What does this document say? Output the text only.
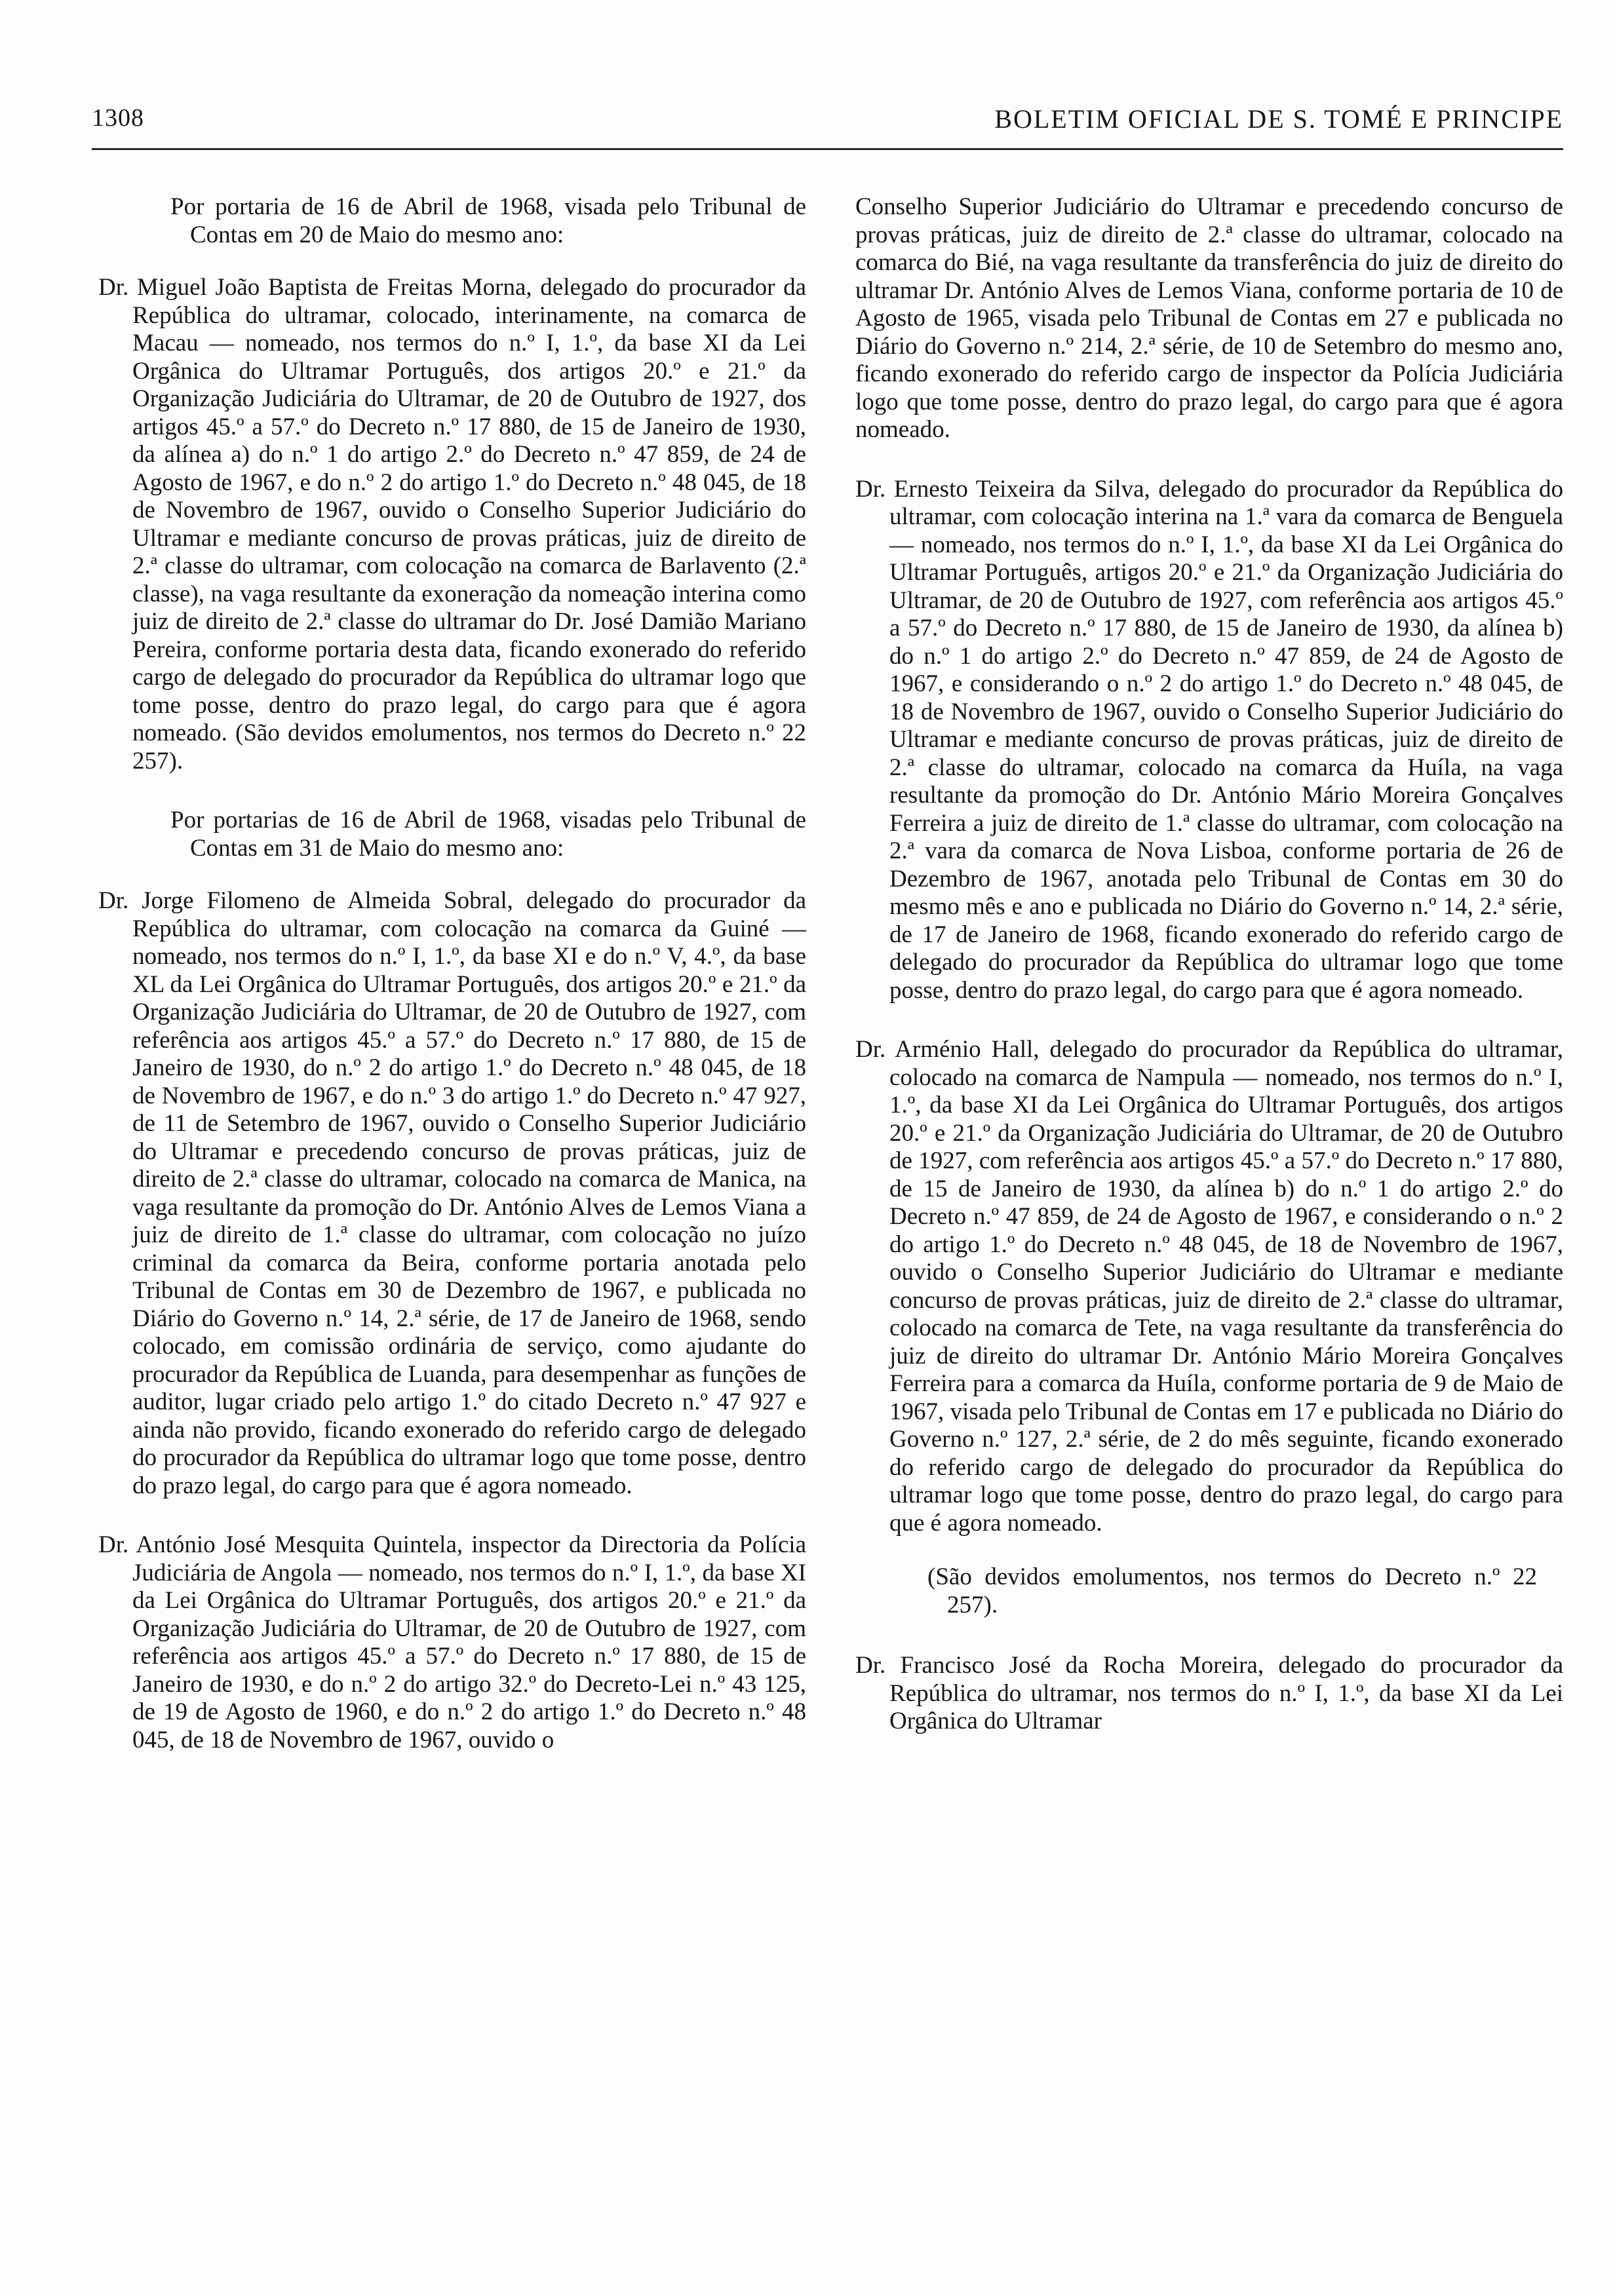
1308	BOLETIM OFICIAL DE S. TOMÉ E PRINCIPE

Por portaria de 16 de Abril de 1968, visada pelo Tribunal de Contas em 20 de Maio do mesmo ano:

Dr. Miguel João Baptista de Freitas Morna, delegado do procurador da República do ultramar, colocado, interinamente, na comarca de Macau — nomeado, nos termos do n.º I, 1.º, da base XI da Lei Orgânica do Ultramar Português, dos artigos 20.º e 21.º da Organização Judiciária do Ultramar, de 20 de Outubro de 1927, dos artigos 45.º a 57.º do Decreto n.º 17 880, de 15 de Janeiro de 1930, da alínea a) do n.º 1 do artigo 2.º do Decreto n.º 47 859, de 24 de Agosto de 1967, e do n.º 2 do artigo 1.º do Decreto n.º 48 045, de 18 de Novembro de 1967, ouvido o Conselho Superior Judiciário do Ultramar e mediante concurso de provas práticas, juiz de direito de 2.ª classe do ultramar, com colocação na comarca de Barlavento (2.ª classe), na vaga resultante da exoneração da nomeação interina como juiz de direito de 2.ª classe do ultramar do Dr. José Damião Mariano Pereira, conforme portaria desta data, ficando exonerado do referido cargo de delegado do procurador da República do ultramar logo que tome posse, dentro do prazo legal, do cargo para que é agora nomeado. (São devidos emolumentos, nos termos do Decreto n.º 22 257).

Por portarias de 16 de Abril de 1968, visadas pelo Tribunal de Contas em 31 de Maio do mesmo ano:

Dr. Jorge Filomeno de Almeida Sobral, delegado do procurador da República do ultramar, com colocação na comarca da Guiné — nomeado, nos termos do n.º I, 1.º, da base XI e do n.º V, 4.º, da base XL da Lei Orgânica do Ultramar Português, dos artigos 20.º e 21.º da Organização Judiciária do Ultramar, de 20 de Outubro de 1927, com referência aos artigos 45.º a 57.º do Decreto n.º 17 880, de 15 de Janeiro de 1930, do n.º 2 do artigo 1.º do Decreto n.º 48 045, de 18 de Novembro de 1967, e do n.º 3 do artigo 1.º do Decreto n.º 47 927, de 11 de Setembro de 1967, ouvido o Conselho Superior Judiciário do Ultramar e precedendo concurso de provas práticas, juiz de direito de 2.ª classe do ultramar, colocado na comarca de Manica, na vaga resultante da promoção do Dr. António Alves de Lemos Viana a juiz de direito de 1.ª classe do ultramar, com colocação no juízo criminal da comarca da Beira, conforme portaria anotada pelo Tribunal de Contas em 30 de Dezembro de 1967, e publicada no Diário do Governo n.º 14, 2.ª série, de 17 de Janeiro de 1968, sendo colocado, em comissão ordinária de serviço, como ajudante do procurador da República de Luanda, para desempenhar as funções de auditor, lugar criado pelo artigo 1.º do citado Decreto n.º 47 927 e ainda não provido, ficando exonerado do referido cargo de delegado do procurador da República do ultramar logo que tome posse, dentro do prazo legal, do cargo para que é agora nomeado.

Dr. António José Mesquita Quintela, inspector da Directoria da Polícia Judiciária de Angola — nomeado, nos termos do n.º I, 1.º, da base XI da Lei Orgânica do Ultramar Português, dos artigos 20.º e 21.º da Organização Judiciária do Ultramar, de 20 de Outubro de 1927, com referência aos artigos 45.º a 57.º do Decreto n.º 17 880, de 15 de Janeiro de 1930, e do n.º 2 do artigo 32.º do Decreto-Lei n.º 43 125, de 19 de Agosto de 1960, e do n.º 2 do artigo 1.º do Decreto n.º 48 045, de 18 de Novembro de 1967, ouvido o

Conselho Superior Judiciário do Ultramar e precedendo concurso de provas práticas, juiz de direito de 2.ª classe do ultramar, colocado na comarca do Bié, na vaga resultante da transferência do juiz de direito do ultramar Dr. António Alves de Lemos Viana, conforme portaria de 10 de Agosto de 1965, visada pelo Tribunal de Contas em 27 e publicada no Diário do Governo n.º 214, 2.ª série, de 10 de Setembro do mesmo ano, ficando exonerado do referido cargo de inspector da Polícia Judiciária logo que tome posse, dentro do prazo legal, do cargo para que é agora nomeado.

Dr. Ernesto Teixeira da Silva, delegado do procurador da República do ultramar, com colocação interina na 1.ª vara da comarca de Benguela — nomeado, nos termos do n.º I, 1.º, da base XI da Lei Orgânica do Ultramar Português, artigos 20.º e 21.º da Organização Judiciária do Ultramar, de 20 de Outubro de 1927, com referência aos artigos 45.º a 57.º do Decreto n.º 17 880, de 15 de Janeiro de 1930, da alínea b) do n.º 1 do artigo 2.º do Decreto n.º 47 859, de 24 de Agosto de 1967, e considerando o n.º 2 do artigo 1.º do Decreto n.º 48 045, de 18 de Novembro de 1967, ouvido o Conselho Superior Judiciário do Ultramar e mediante concurso de provas práticas, juiz de direito de 2.ª classe do ultramar, colocado na comarca da Huíla, na vaga resultante da promoção do Dr. António Mário Moreira Gonçalves Ferreira a juiz de direito de 1.ª classe do ultramar, com colocação na 2.ª vara da comarca de Nova Lisboa, conforme portaria de 26 de Dezembro de 1967, anotada pelo Tribunal de Contas em 30 do mesmo mês e ano e publicada no Diário do Governo n.º 14, 2.ª série, de 17 de Janeiro de 1968, ficando exonerado do referido cargo de delegado do procurador da República do ultramar logo que tome posse, dentro do prazo legal, do cargo para que é agora nomeado.

Dr. Arménio Hall, delegado do procurador da República do ultramar, colocado na comarca de Nampula — nomeado, nos termos do n.º I, 1.º, da base XI da Lei Orgânica do Ultramar Português, dos artigos 20.º e 21.º da Organização Judiciária do Ultramar, de 20 de Outubro de 1927, com referência aos artigos 45.º a 57.º do Decreto n.º 17 880, de 15 de Janeiro de 1930, da alínea b) do n.º 1 do artigo 2.º do Decreto n.º 47 859, de 24 de Agosto de 1967, e considerando o n.º 2 do artigo 1.º do Decreto n.º 48 045, de 18 de Novembro de 1967, ouvido o Conselho Superior Judiciário do Ultramar e mediante concurso de provas práticas, juiz de direito de 2.ª classe do ultramar, colocado na comarca de Tete, na vaga resultante da transferência do juiz de direito do ultramar Dr. António Mário Moreira Gonçalves Ferreira para a comarca da Huíla, conforme portaria de 9 de Maio de 1967, visada pelo Tribunal de Contas em 17 e publicada no Diário do Governo n.º 127, 2.ª série, de 2 do mês seguinte, ficando exonerado do referido cargo de delegado do procurador da República do ultramar logo que tome posse, dentro do prazo legal, do cargo para que é agora nomeado.

(São devidos emolumentos, nos termos do Decreto n.º 22 257).

Dr. Francisco José da Rocha Moreira, delegado do procurador da República do ultramar, nos termos do n.º I, 1.º, da base XI da Lei Orgânica do Ultramar
